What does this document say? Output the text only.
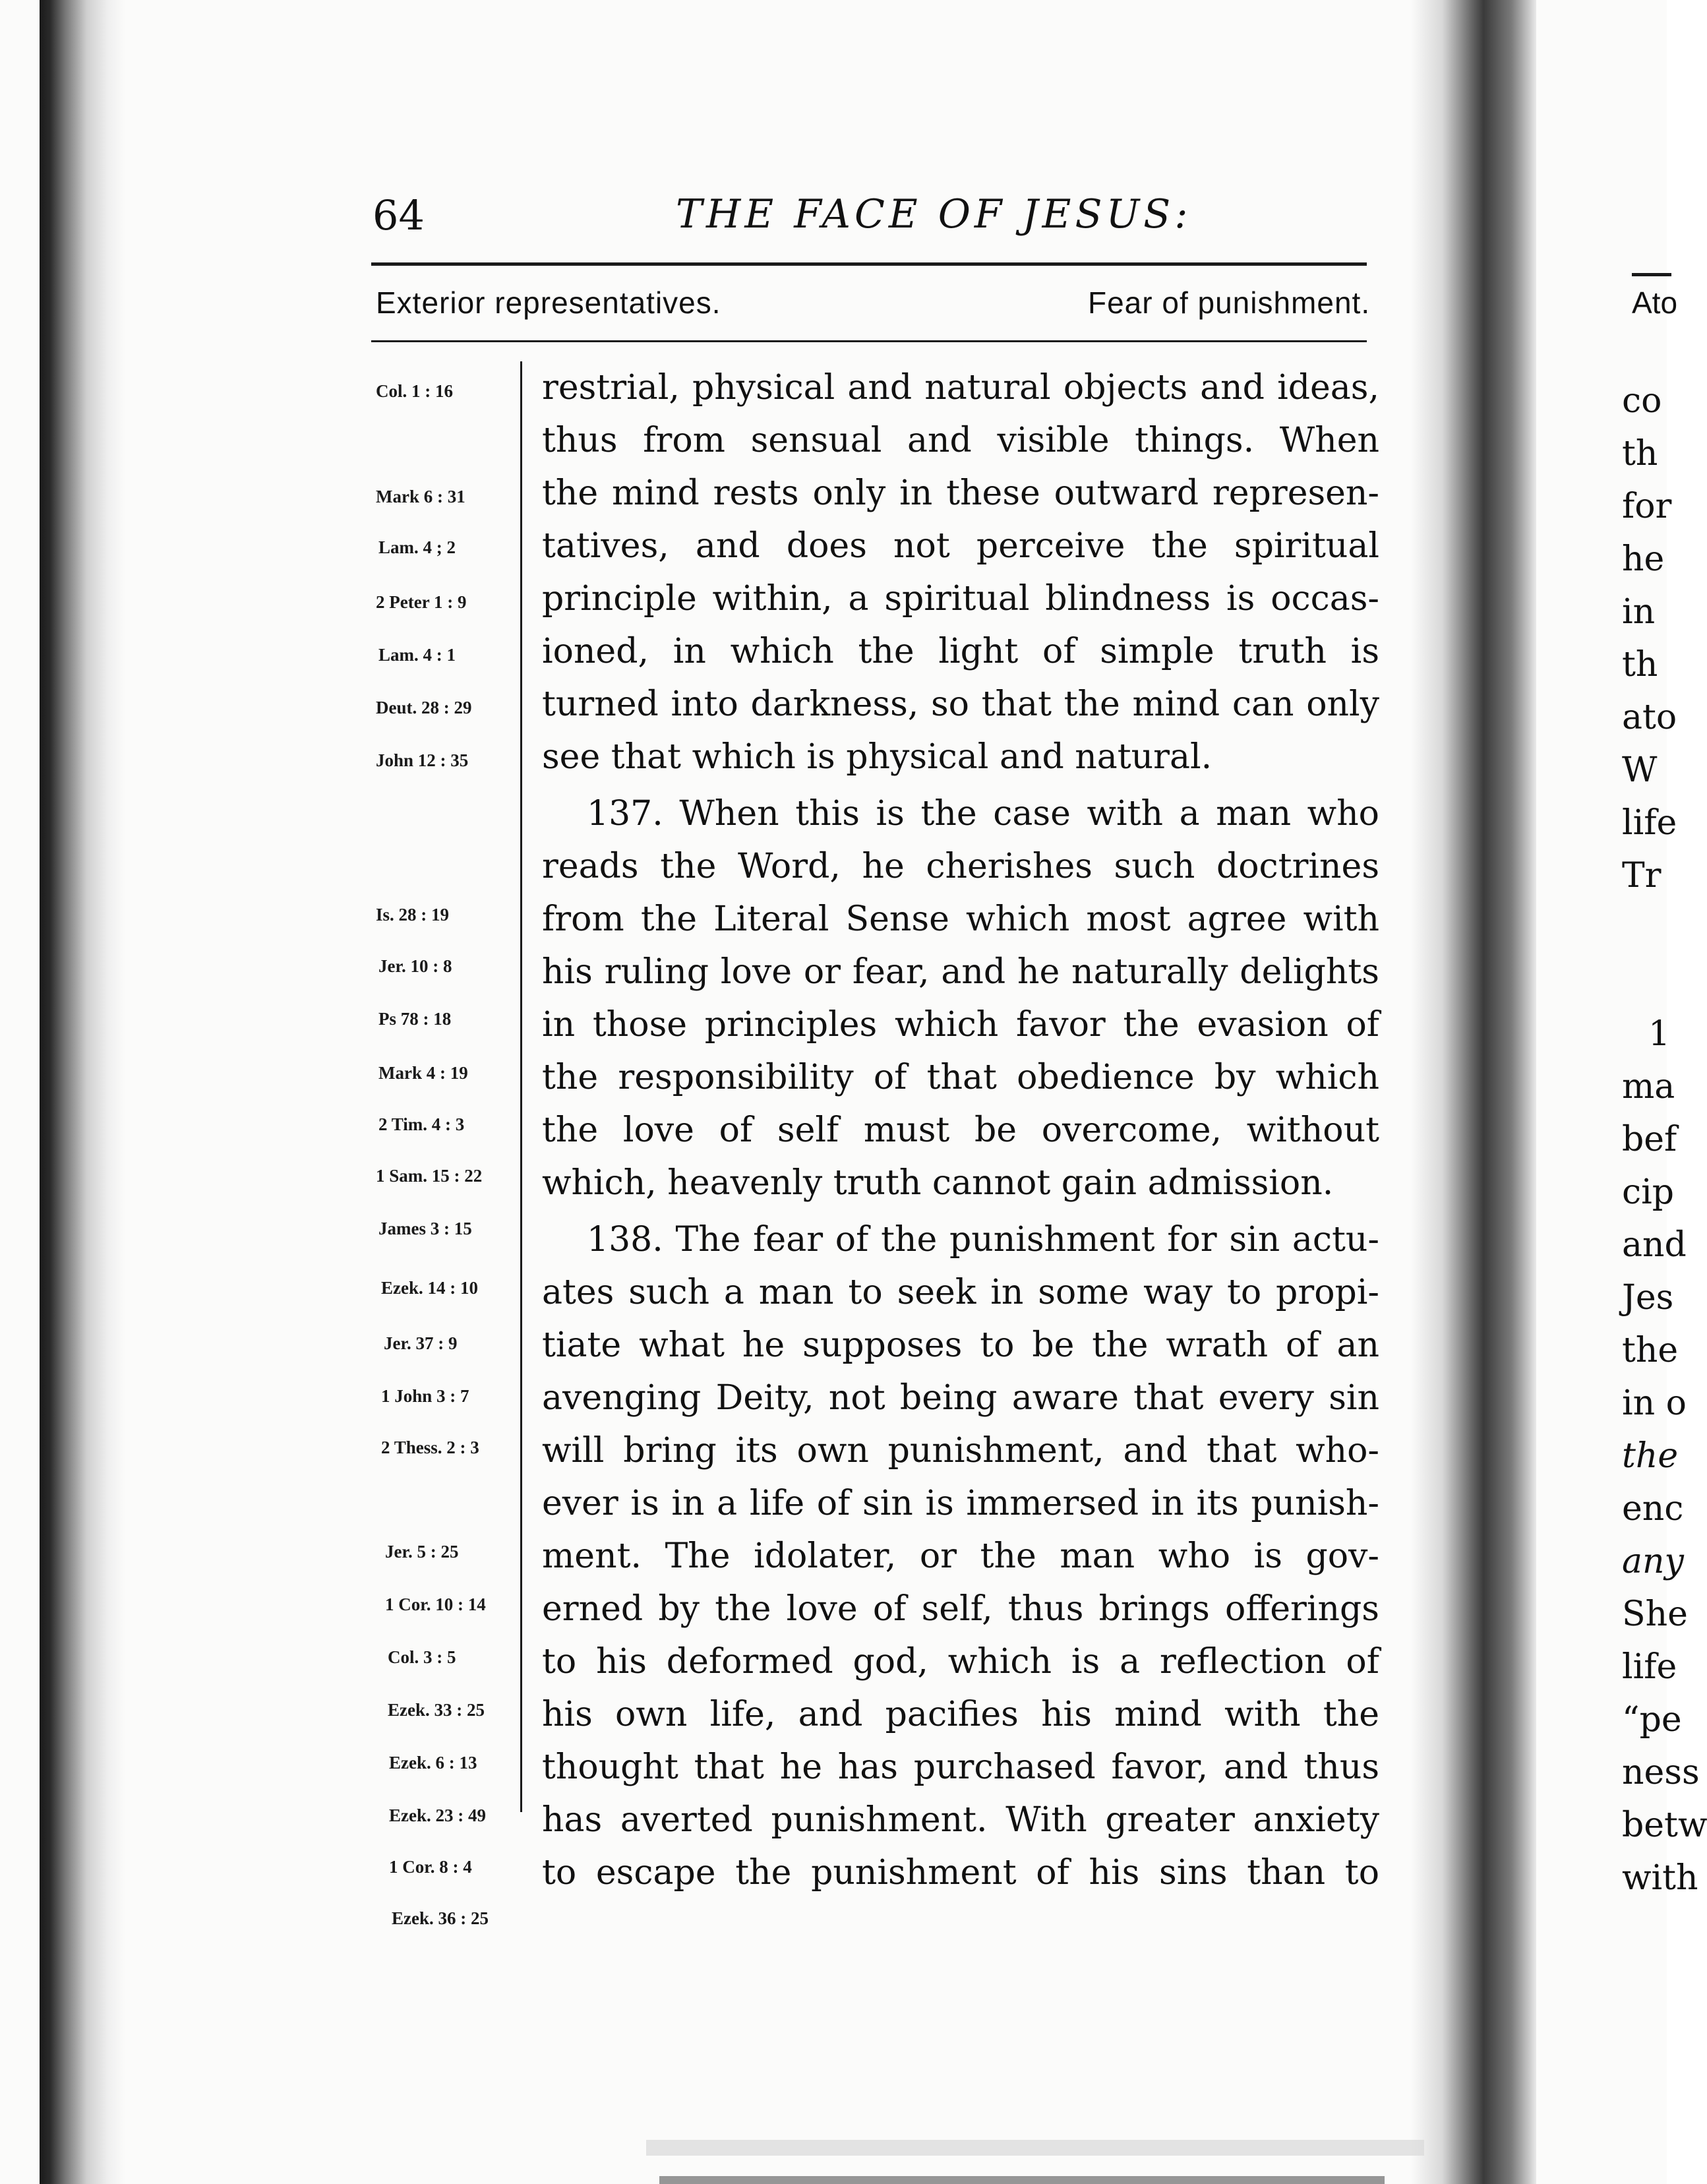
64	THE FACE OF JESUS:
Exterior representatives.	Fear of punishment.
Col. 1 : 16
Mark 6 : 31
Lam. 4 ; 2
2 Peter 1 : 9
Lam. 4 : 1
Deut. 28 : 29
John 12 : 35
Is. 28 : 19
Jer. 10 : 8
Ps 78 : 18
Mark 4 : 19
2 Tim. 4 : 3
1 Sam. 15 : 22
James 3 : 15
Ezek. 14 : 10
Jer. 37 : 9
1 John 3 : 7
2 Thess. 2 : 3
Jer. 5 : 25
1 Cor. 10 : 14
Col. 3 : 5
Ezek. 33 : 25
Ezek. 6 : 13
Ezek. 23 : 49
1 Cor. 8 : 4
Ezek. 36 : 25
restrial, physical and natural objects and ideas,
thus from sensual and visible things. When
the mind rests only in these outward represen-
tatives, and does not perceive the spiritual
principle within, a spiritual blindness is occas-
ioned, in which the light of simple truth is
turned into darkness, so that the mind can only
see that which is physical and natural.
137. When this is the case with a man who
reads the Word, he cherishes such doctrines
from the Literal Sense which most agree with
his ruling love or fear, and he naturally delights
in those principles which favor the evasion of
the responsibility of that obedience by which
the love of self must be overcome, without
which, heavenly truth cannot gain admission.
138. The fear of the punishment for sin actu-
ates such a man to seek in some way to propi-
tiate what he supposes to be the wrath of an
avenging Deity, not being aware that every sin
will bring its own punishment, and that who-
ever is in a life of sin is immersed in its punish-
ment. The idolater, or the man who is gov-
erned by the love of self, thus brings offerings
to his deformed god, which is a reflection of
his own life, and pacifies his mind with the
thought that he has purchased favor, and thus
has averted punishment. With greater anxiety
to escape the punishment of his sins than to
Ato
co
th
for
he
in
th
ato
W
life
Tr
1
ma
bef
cip
and
Jes
the
in o
the
enc
any
She
life
“pe
ness
betw
with
